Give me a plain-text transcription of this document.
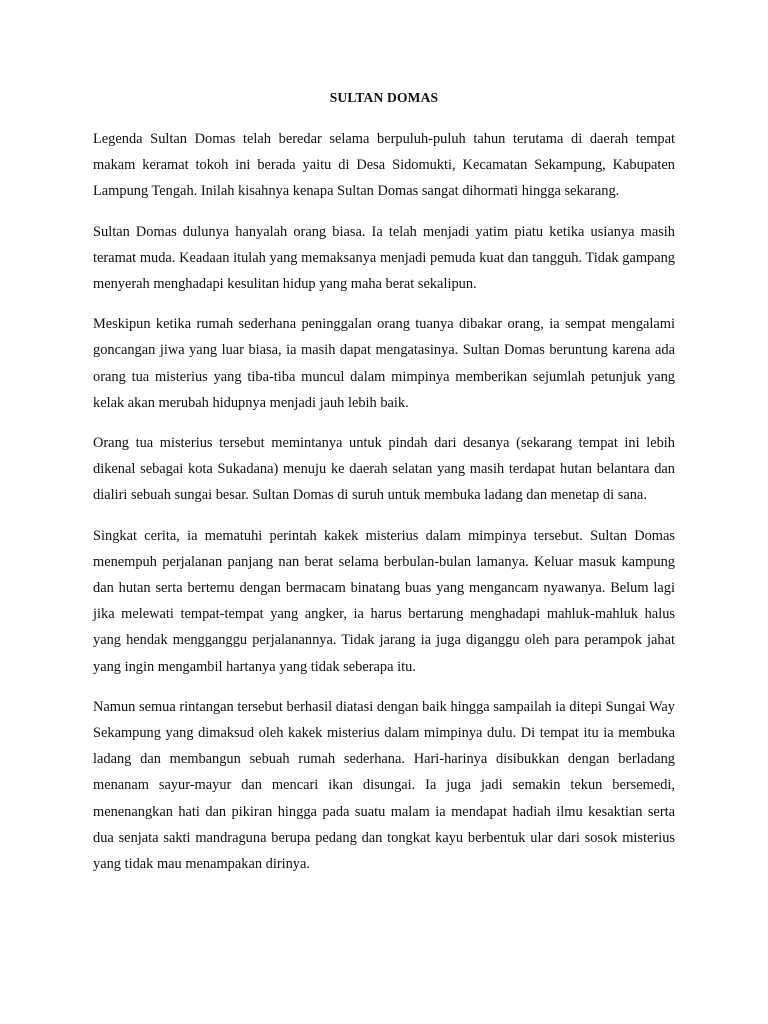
SULTAN DOMAS

Legenda Sultan Domas telah beredar selama berpuluh-puluh tahun terutama di daerah tempat makam keramat tokoh ini berada yaitu di Desa Sidomukti, Kecamatan Sekampung, Kabupaten Lampung Tengah. Inilah kisahnya kenapa Sultan Domas sangat dihormati hingga sekarang.

Sultan Domas dulunya hanyalah orang biasa. Ia telah menjadi yatim piatu ketika usianya masih teramat muda. Keadaan itulah yang memaksanya menjadi pemuda kuat dan tangguh. Tidak gampang menyerah menghadapi kesulitan hidup yang maha berat sekalipun.

Meskipun ketika rumah sederhana peninggalan orang tuanya dibakar orang, ia sempat mengalami goncangan jiwa yang luar biasa, ia masih dapat mengatasinya. Sultan Domas beruntung karena ada orang tua misterius yang tiba-tiba muncul dalam mimpinya memberikan sejumlah petunjuk yang kelak akan merubah hidupnya menjadi jauh lebih baik.

Orang tua misterius tersebut memintanya untuk pindah dari desanya (sekarang tempat ini lebih dikenal sebagai kota Sukadana) menuju ke daerah selatan yang masih terdapat hutan belantara dan dialiri sebuah sungai besar. Sultan Domas di suruh untuk membuka ladang dan menetap di sana.

Singkat cerita, ia mematuhi perintah kakek misterius dalam mimpinya tersebut. Sultan Domas menempuh perjalanan panjang nan berat selama berbulan-bulan lamanya. Keluar masuk kampung dan hutan serta bertemu dengan bermacam binatang buas yang mengancam nyawanya. Belum lagi jika melewati tempat-tempat yang angker, ia harus bertarung menghadapi mahluk-mahluk halus yang hendak mengganggu perjalanannya. Tidak jarang ia juga diganggu oleh para perampok jahat yang ingin mengambil hartanya yang tidak seberapa itu.

Namun semua rintangan tersebut berhasil diatasi dengan baik hingga sampailah ia ditepi Sungai Way Sekampung yang dimaksud oleh kakek misterius dalam mimpinya dulu. Di tempat itu ia membuka ladang dan membangun sebuah rumah sederhana. Hari-harinya disibukkan dengan berladang menanam sayur-mayur dan mencari ikan disungai. Ia juga jadi semakin tekun bersemedi, menenangkan hati dan pikiran hingga pada suatu malam ia mendapat hadiah ilmu kesaktian serta dua senjata sakti mandraguna berupa pedang dan tongkat kayu berbentuk ular dari sosok misterius yang tidak mau menampakan dirinya.
